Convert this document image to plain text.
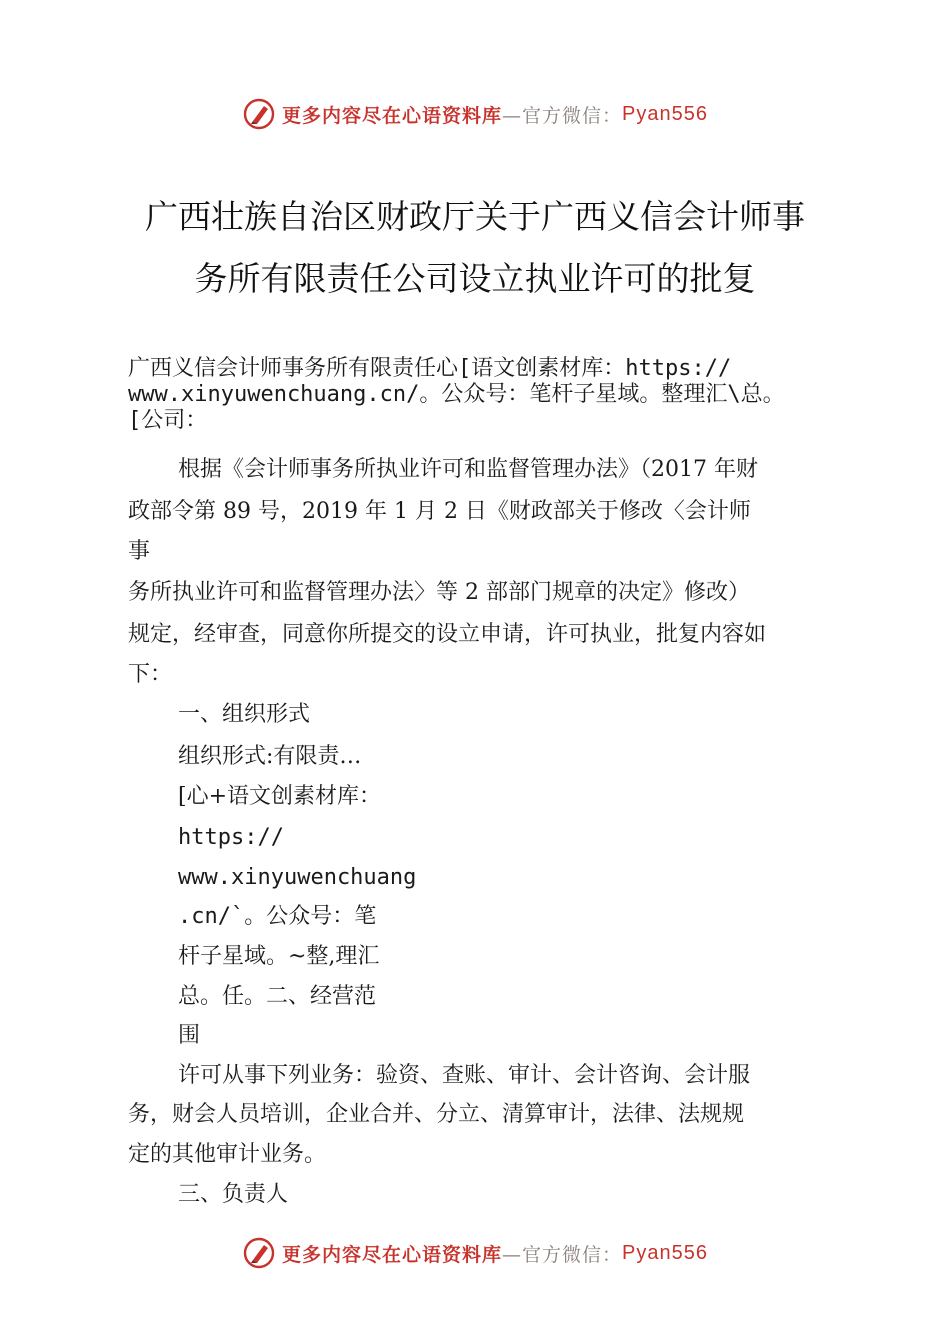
更多内容尽在心语资料库 —官方微信： Pyan556
广西壮族自治区财政厅关于广西义信会计师事
务所有限责任公司设立执业许可的批复
广西义信会计师事务所有限责任心[语文创素材库：https://
www.xinyuwenchuang.cn/。公众号：笔杆子星域。整理汇\总。
[公司：
根据《会计师事务所执业许可和监督管理办法》（2017 年财
政部令第 89 号，2019 年 1 月 2 日《财政部关于修改〈会计师
事
务所执业许可和监督管理办法〉等 2 部部门规章的决定》修改）
规定，经审查，同意你所提交的设立申请，许可执业，批复内容如
下：
一、组织形式
组织形式:有限责…
[心+语文创素材库：
https://
www.xinyuwenchuang
.cn/`。公众号：笔
杆子星域。~整,理汇
总。任。二、经营范
围
许可从事下列业务：验资、查账、审计、会计咨询、会计服
务，财会人员培训，企业合并、分立、清算审计，法律、法规规
定的其他审计业务。
三、负责人
更多内容尽在心语资料库 —官方微信： Pyan556
